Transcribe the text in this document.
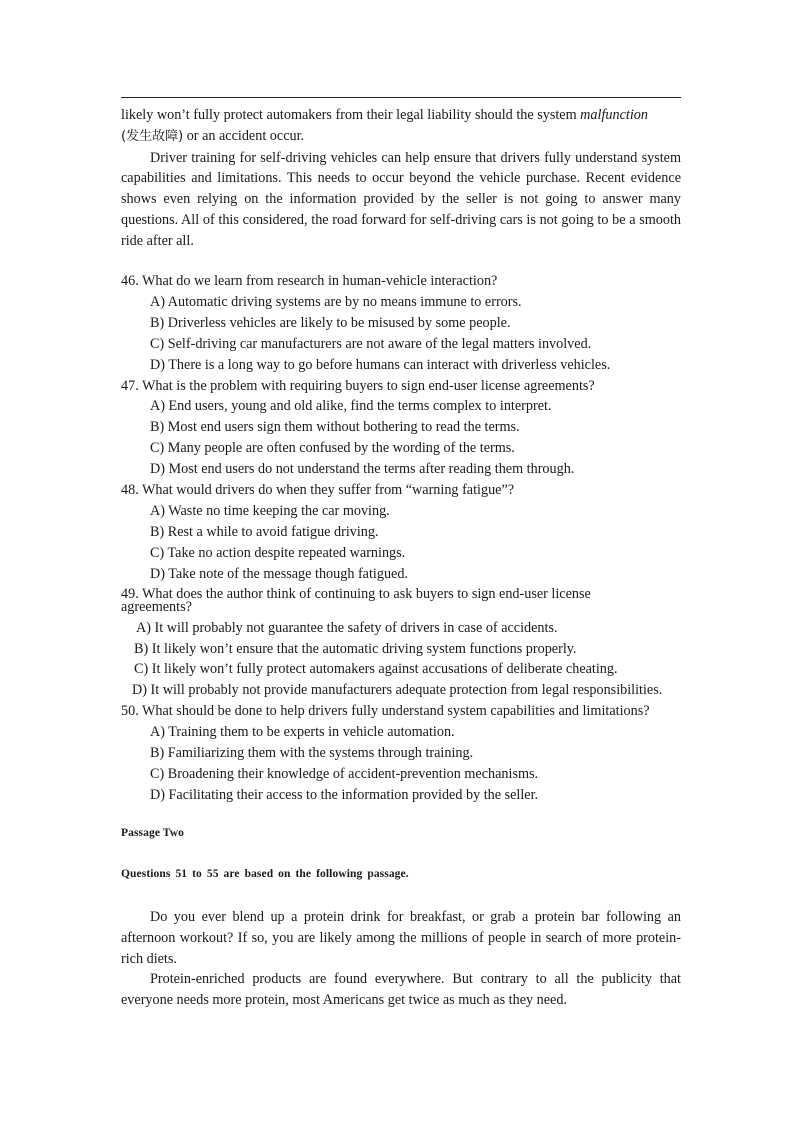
likely won’t fully protect automakers from their legal liability should the system malfunction
(发生故障) or an accident occur.

Driver training for self-driving vehicles can help ensure that drivers fully understand system capabilities and limitations. This needs to occur beyond the vehicle purchase. Recent evidence shows even relying on the information provided by the seller is not going to answer many questions. All of this considered, the road forward for self-driving cars is not going to be a smooth ride after all.

46. What do we learn from research in human-vehicle interaction?

A) Automatic driving systems are by no means immune to errors.

B) Driverless vehicles are likely to be misused by some people.

C) Self-driving car manufacturers are not aware of the legal matters involved.

D) There is a long way to go before humans can interact with driverless vehicles.

47. What is the problem with requiring buyers to sign end-user license agreements?

A) End users, young and old alike, find the terms complex to interpret.

B) Most end users sign them without bothering to read the terms.

C) Many people are often confused by the wording of the terms.

D) Most end users do not understand the terms after reading them through.

48. What would drivers do when they suffer from “warning fatigue”?

A) Waste no time keeping the car moving.

B) Rest a while to avoid fatigue driving.

C) Take no action despite repeated warnings.

D) Take note of the message though fatigued.

49. What does the author think of continuing to ask buyers to sign end-user license agreements?

A) It will probably not guarantee the safety of drivers in case of accidents.

B) It likely won’t ensure that the automatic driving system functions properly.

C) It likely won’t fully protect automakers against accusations of deliberate cheating.

D) It will probably not provide manufacturers adequate protection from legal responsibilities.

50. What should be done to help drivers fully understand system capabilities and limitations?

A) Training them to be experts in vehicle automation.

B) Familiarizing them with the systems through training.

C) Broadening their knowledge of accident-prevention mechanisms.

D) Facilitating their access to the information provided by the seller.

Passage Two

Questions 51 to 55 are based on the following passage.

Do you ever blend up a protein drink for breakfast, or grab a protein bar following an afternoon workout? If so, you are likely among the millions of people in search of more protein- rich diets.

Protein-enriched products are found everywhere. But contrary to all the publicity that everyone needs more protein, most Americans get twice as much as they need.
